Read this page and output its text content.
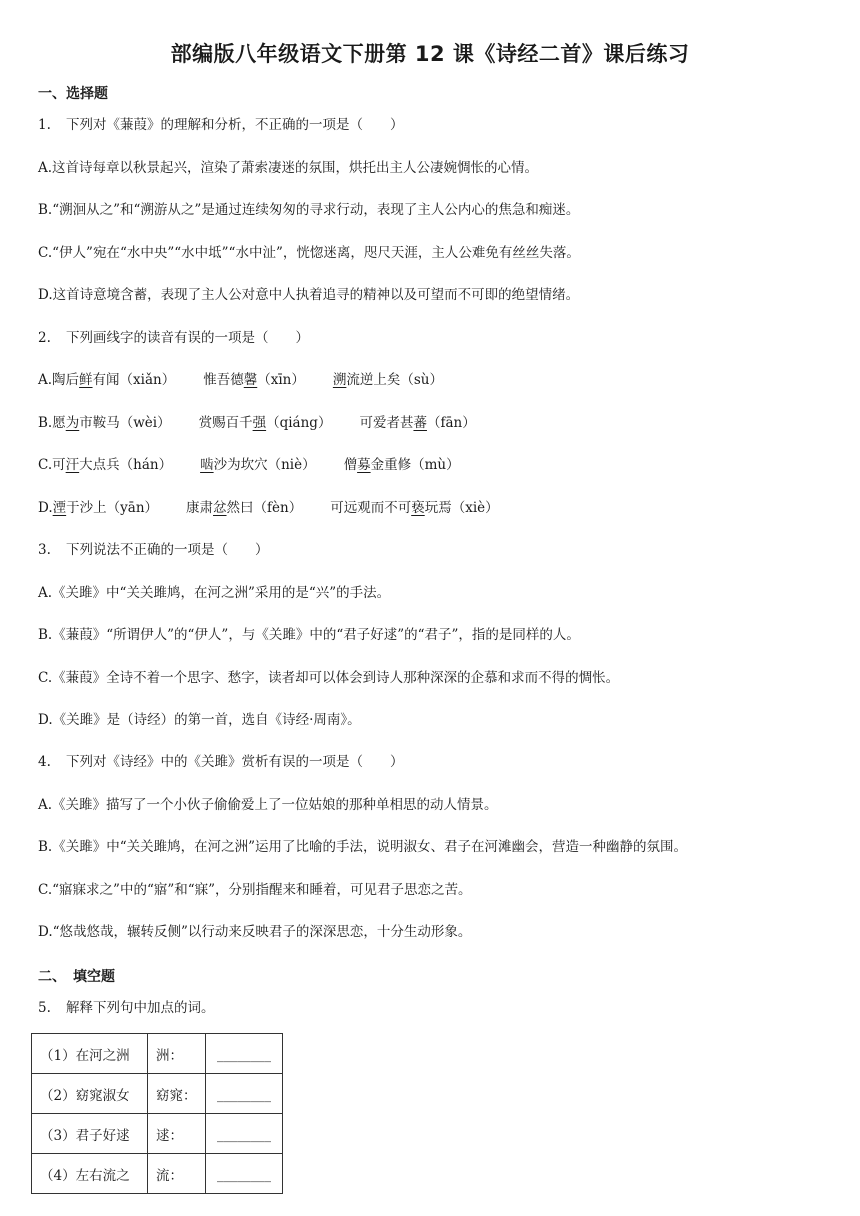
部编版八年级语文下册第 12 课《诗经二首》课后练习
一、选择题
1. 下列对《蒹葭》的理解和分析，不正确的一项是（　　）
A.这首诗每章以秋景起兴，渲染了萧索凄迷的氛围，烘托出主人公凄婉惆怅的心情。
B.“溯洄从之”和“溯游从之”是通过连续匆匆的寻求行动，表现了主人公内心的焦急和痴迷。
C.“伊人”宛在“水中央”“水中坻”“水中沚”，恍惚迷离，咫尺天涯，主人公难免有丝丝失落。
D.这首诗意境含蓄，表现了主人公对意中人执着追寻的精神以及可望而不可即的绝望情绪。
2. 下列画线字的读音有误的一项是（　　）
A.陶后鲜有闻（xiǎn） 惟吾德馨（xīn） 溯流逆上矣（sù）
B.愿为市鞍马（wèi） 赏赐百千强（qiáng） 可爱者甚蕃（fān）
C.可汗大点兵（hán） 啮沙为坎穴（niè） 僧募金重修（mù）
D.湮于沙上（yān） 康肃忿然曰（fèn） 可远观而不可亵玩焉（xiè）
3. 下列说法不正确的一项是（　　）
A.《关雎》中“关关雎鸠，在河之洲”采用的是“兴”的手法。
B.《蒹葭》“所谓伊人”的“伊人”，与《关雎》中的“君子好逑”的“君子”，指的是同样的人。
C.《蒹葭》全诗不着一个思字、愁字，读者却可以体会到诗人那种深深的企慕和求而不得的惆怅。
D.《关雎》是（诗经）的第一首，选自《诗经·周南》。
4. 下列对《诗经》中的《关雎》赏析有误的一项是（　　）
A.《关雎》描写了一个小伙子偷偷爱上了一位姑娘的那种单相思的动人情景。
B.《关雎》中“关关雎鸠，在河之洲”运用了比喻的手法，说明淑女、君子在河滩幽会，营造一种幽静的氛围。
C.“寤寐求之”中的“寤”和“寐”，分别指醒来和睡着，可见君子思恋之苦。
D.“悠哉悠哉，辗转反侧”以行动来反映君子的深深思恋，十分生动形象。
二、　填空题
5. 解释下列句中加点的词。
（1）在河之洲	洲：	________
（2）窈窕淑女	窈窕：	________
（3）君子好逑	逑：	________
（4）左右流之	流：	________
